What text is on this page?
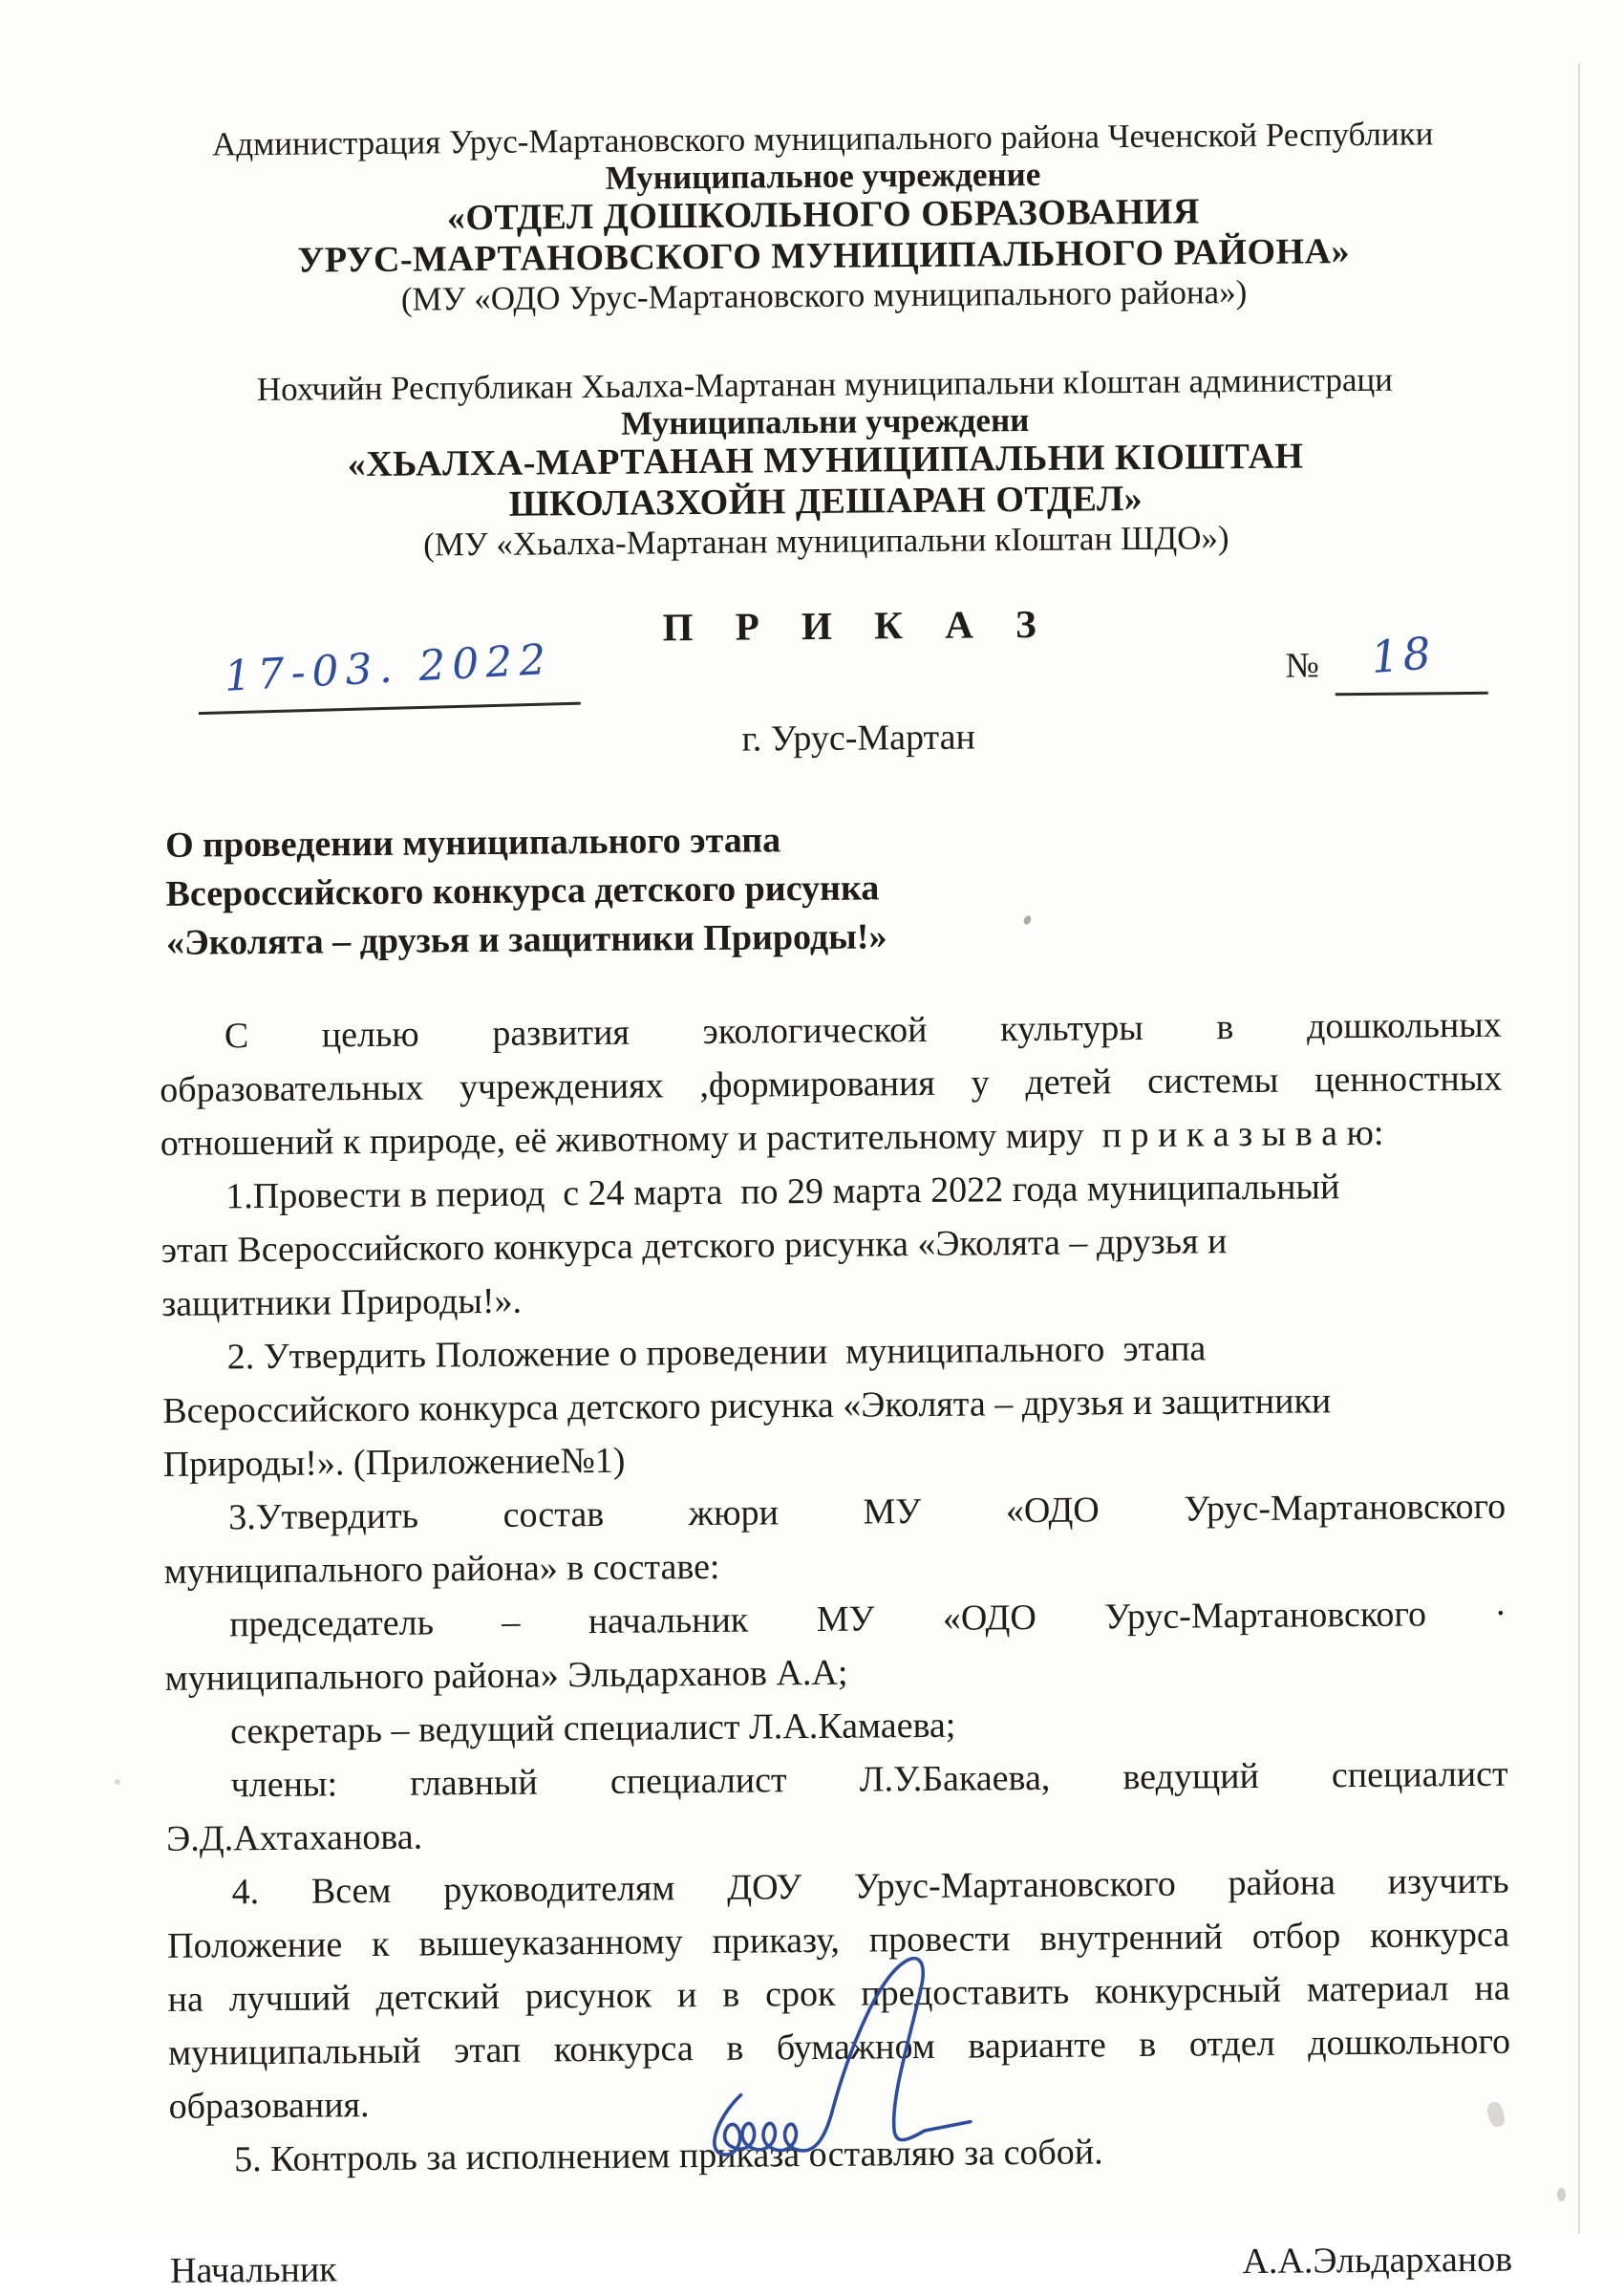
Администрация Урус-Мартановского муниципального района Чеченской Республики
Муниципальное учреждение
«ОТДЕЛ ДОШКОЛЬНОГО ОБРАЗОВАНИЯ
УРУС-МАРТАНОВСКОГО МУНИЦИПАЛЬНОГО РАЙОНА»
(МУ «ОДО Урус-Мартановского муниципального района»)
Нохчийн Республикан Хьалха-Мартанан муниципальни кІоштан администраци
Муниципальни учреждени
«ХЬАЛХА-МАРТАНАН МУНИЦИПАЛЬНИ КІОШТАН
ШКОЛАЗХОЙН ДЕШАРАН ОТДЕЛ»
(МУ «Хьалха-Мартанан муниципальни кІоштан ШДО»)
П Р И К А З
17-03. 2022	№	18
г. Урус-Мартан
О проведении муниципального этапа
Всероссийского конкурса детского рисунка
«Эколята – друзья и защитники Природы!»

С целью развития экологической культуры в дошкольных
образовательных учреждениях ,формирования у детей системы ценностных
отношений к природе, её животному и растительному миру  п р и к а з ы в а ю:

1.Провести в период  с 24 марта  по 29 марта 2022 года муниципальный
этап Всероссийского конкурса детского рисунка «Эколята – друзья и
защитники Природы!».

2. Утвердить Положение о проведении  муниципального  этапа
Всероссийского конкурса детского рисунка «Эколята – друзья и защитники
Природы!». (Приложение№1)

3.Утвердить состав жюри МУ «ОДО Урус-Мартановского
муниципального района» в составе:

председатель – начальник МУ «ОДО Урус-Мартановского ·
муниципального района» Эльдарханов А.А;

секретарь – ведущий специалист Л.А.Камаева;

члены: главный специалист Л.У.Бакаева, ведущий специалист
Э.Д.Ахтаханова.

4. Всем руководителям ДОУ Урус-Мартановского района изучить
Положение к вышеуказанному приказу, провести внутренний отбор конкурса
на лучший детский рисунок и в срок предоставить конкурсный материал на
муниципальный этап конкурса в бумажном варианте в отдел дошкольного
образования.

5. Контроль за исполнением приказа оставляю за собой.

Начальник	А.А.Эльдарханов
